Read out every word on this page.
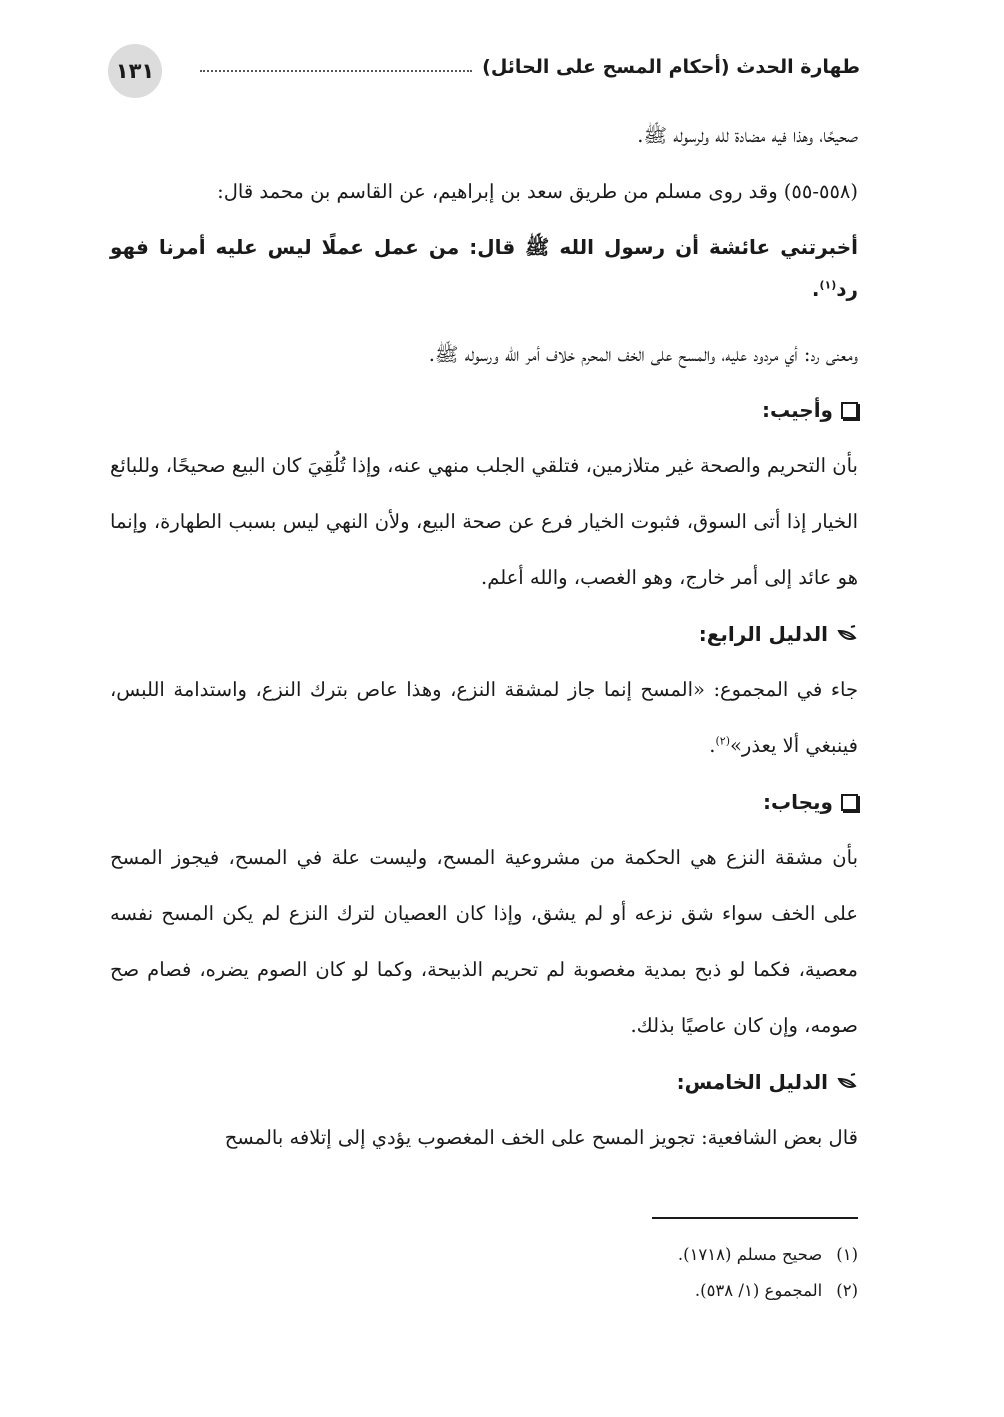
طهارة الحدث (أحكام المسح على الحائل)
١٣١

صحيحًا، وهذا فيه مضادة لله ولرسوله ﷺ.

(٥٥٨-٥٥) وقد روى مسلم من طريق سعد بن إبراهيم، عن القاسم بن محمد قال:

أخبرتني عائشة أن رسول الله ﷺ قال: من عمل عملًا ليس عليه أمرنا فهو رد$^{(١)}$.

ومعنى رد: أي مردود عليه، والمسح على الخف المحرم خلاف أمر الله ورسوله ﷺ.

وأجيب:

بأن التحريم والصحة غير متلازمين، فتلقي الجلب منهي عنه، وإذا تُلُقِيَ كان البيع صحيحًا، وللبائع الخيار إذا أتى السوق، فثبوت الخيار فرع عن صحة البيع، ولأن النهي ليس بسبب الطهارة، وإنما هو عائد إلى أمر خارج، وهو الغصب، والله أعلم.

الدليل الرابع:

جاء في المجموع: «المسح إنما جاز لمشقة النزع، وهذا عاص بترك النزع، واستدامة اللبس، فينبغي ألا يعذر»$^{(٢)}$.

ويجاب:

بأن مشقة النزع هي الحكمة من مشروعية المسح، وليست علة في المسح، فيجوز المسح على الخف سواء شق نزعه أو لم يشق، وإذا كان العصيان لترك النزع لم يكن المسح نفسه معصية، فكما لو ذبح بمدية مغصوبة لم تحريم الذبيحة، وكما لو كان الصوم يضره، فصام صح صومه، وإن كان عاصيًا بذلك.

الدليل الخامس:

قال بعض الشافعية: تجويز المسح على الخف المغصوب يؤدي إلى إتلافه بالمسح

(١)
صحيح مسلم (١٧١٨).
(٢)
المجموع (١/ ٥٣٨).
